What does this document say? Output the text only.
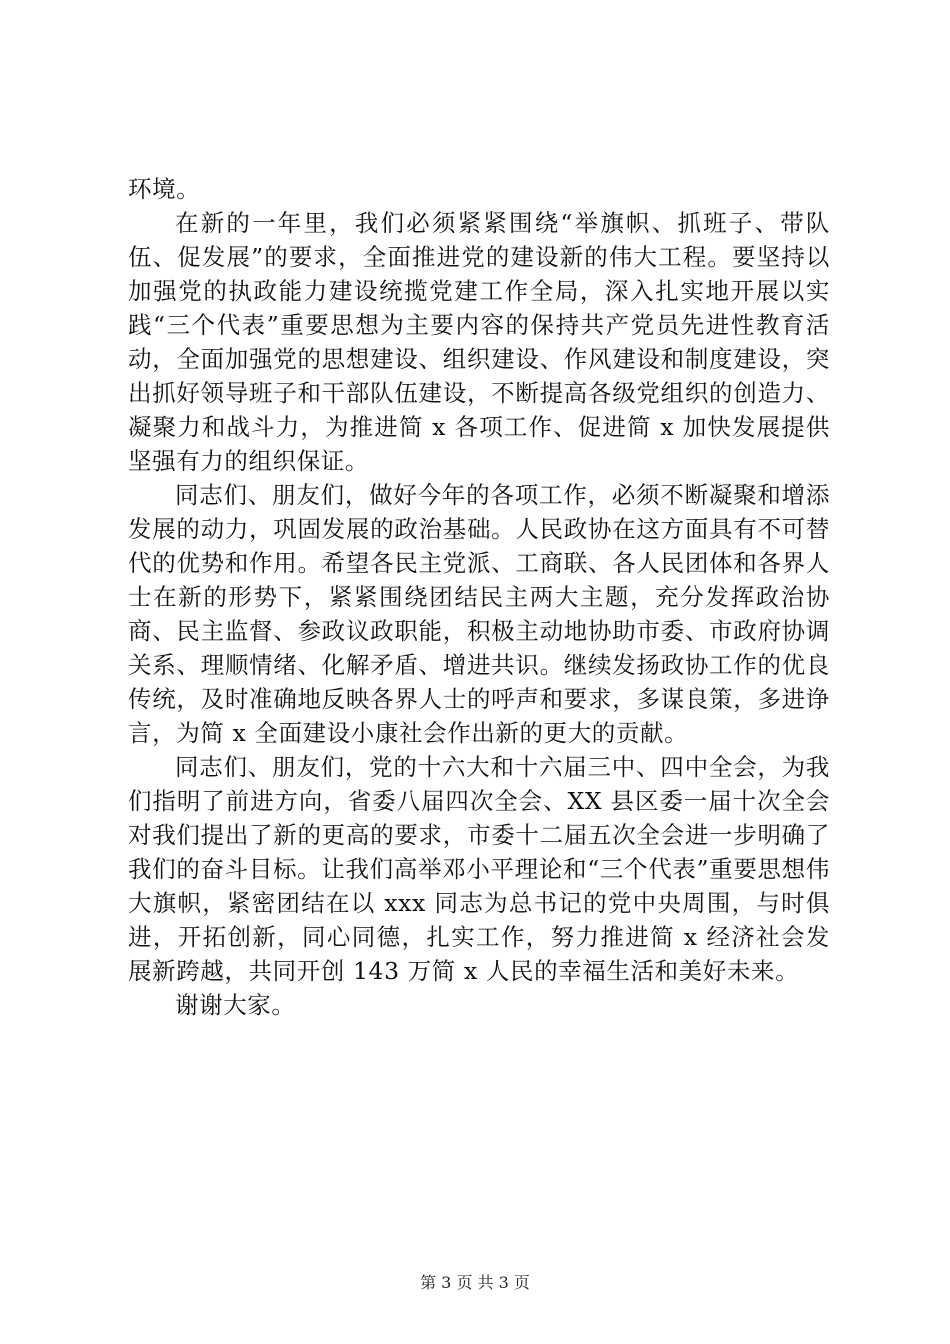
环境。

在新的一年里，我们必须紧紧围绕“举旗帜、抓班子、带队伍、促发展”的要求，全面推进党的建设新的伟大工程。要坚持以加强党的执政能力建设统揽党建工作全局，深入扎实地开展以实践“三个代表”重要思想为主要内容的保持共产党员先进性教育活动，全面加强党的思想建设、组织建设、作风建设和制度建设，突出抓好领导班子和干部队伍建设，不断提高各级党组织的创造力、凝聚力和战斗力，为推进简 x 各项工作、促进简 x 加快发展提供坚强有力的组织保证。

同志们、朋友们，做好今年的各项工作，必须不断凝聚和增添发展的动力，巩固发展的政治基础。人民政协在这方面具有不可替代的优势和作用。希望各民主党派、工商联、各人民团体和各界人士在新的形势下，紧紧围绕团结民主两大主题，充分发挥政治协商、民主监督、参政议政职能，积极主动地协助市委、市政府协调关系、理顺情绪、化解矛盾、增进共识。继续发扬政协工作的优良传统，及时准确地反映各界人士的呼声和要求，多谋良策，多进诤言，为简 x 全面建设小康社会作出新的更大的贡献。

同志们、朋友们，党的十六大和十六届三中、四中全会，为我们指明了前进方向，省委八届四次全会、XX 县区委一届十次全会对我们提出了新的更高的要求，市委十二届五次全会进一步明确了我们的奋斗目标。让我们高举邓小平理论和“三个代表”重要思想伟大旗帜，紧密团结在以 xxx 同志为总书记的党中央周围，与时俱进，开拓创新，同心同德，扎实工作，努力推进简 x 经济社会发展新跨越，共同开创 143 万简 x 人民的幸福生活和美好未来。

谢谢大家。

第 3 页 共 3 页
